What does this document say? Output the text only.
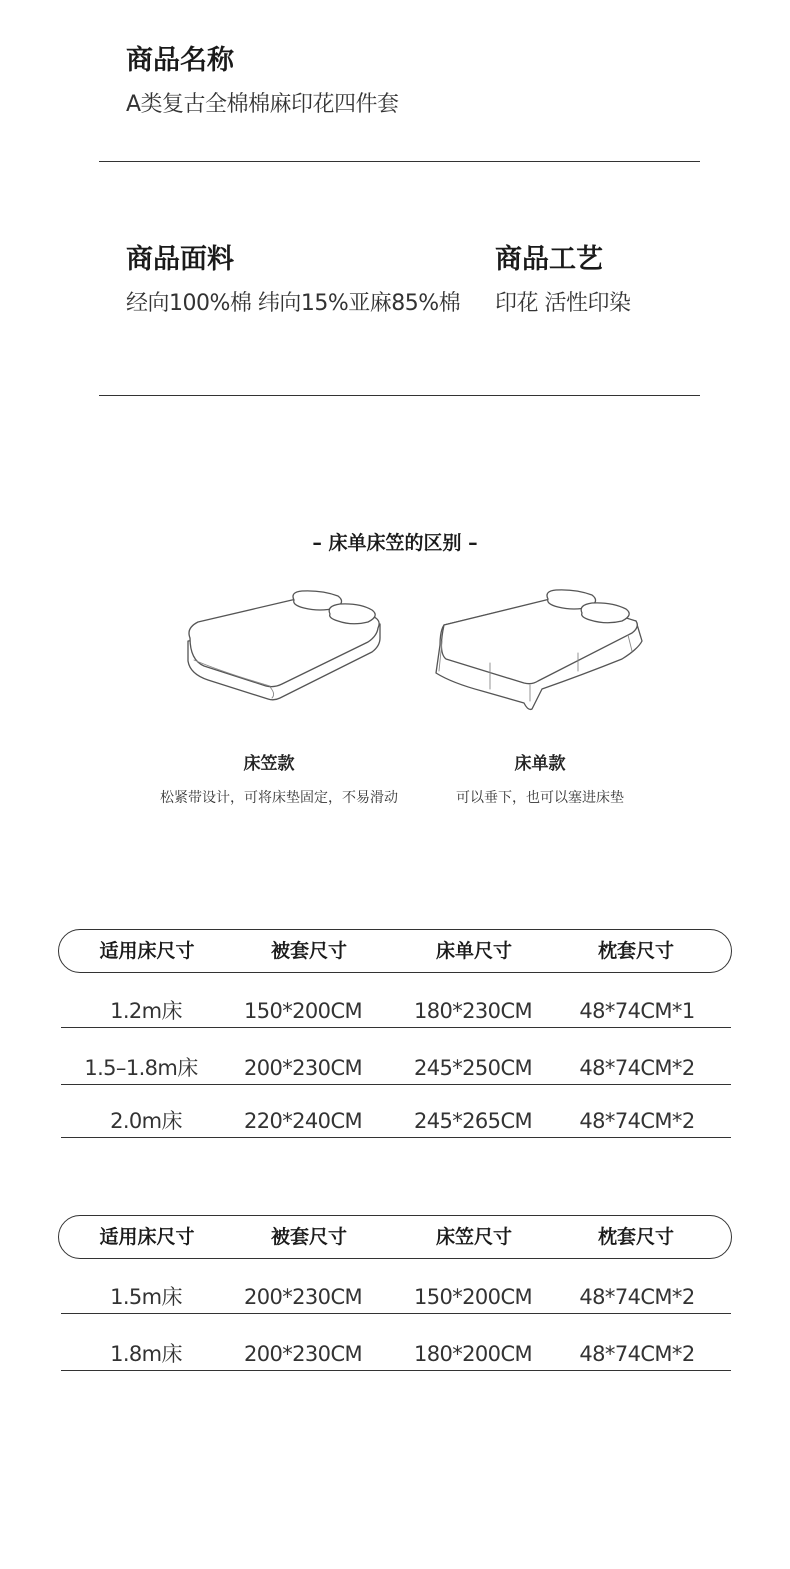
商品名称
A类复古全棉棉麻印花四件套
商品面料
经向100%棉 纬向15%亚麻85%棉
商品工艺
印花 活性印染
– 床单床笠的区别 –
床笠款
松紧带设计，可将床垫固定，不易滑动
床单款
可以垂下，也可以塞进床垫
适用床尺寸	被套尺寸	床单尺寸	枕套尺寸
1.2m床	150*200CM 180*230CM 48*74CM*1
1.5–1.8m床 200*230CM 245*250CM 48*74CM*2
2.0m床	220*240CM 245*265CM 48*74CM*2
适用床尺寸	被套尺寸	床笠尺寸	枕套尺寸
1.5m床	200*230CM 150*200CM 48*74CM*2
1.8m床	200*230CM 180*200CM 48*74CM*2
